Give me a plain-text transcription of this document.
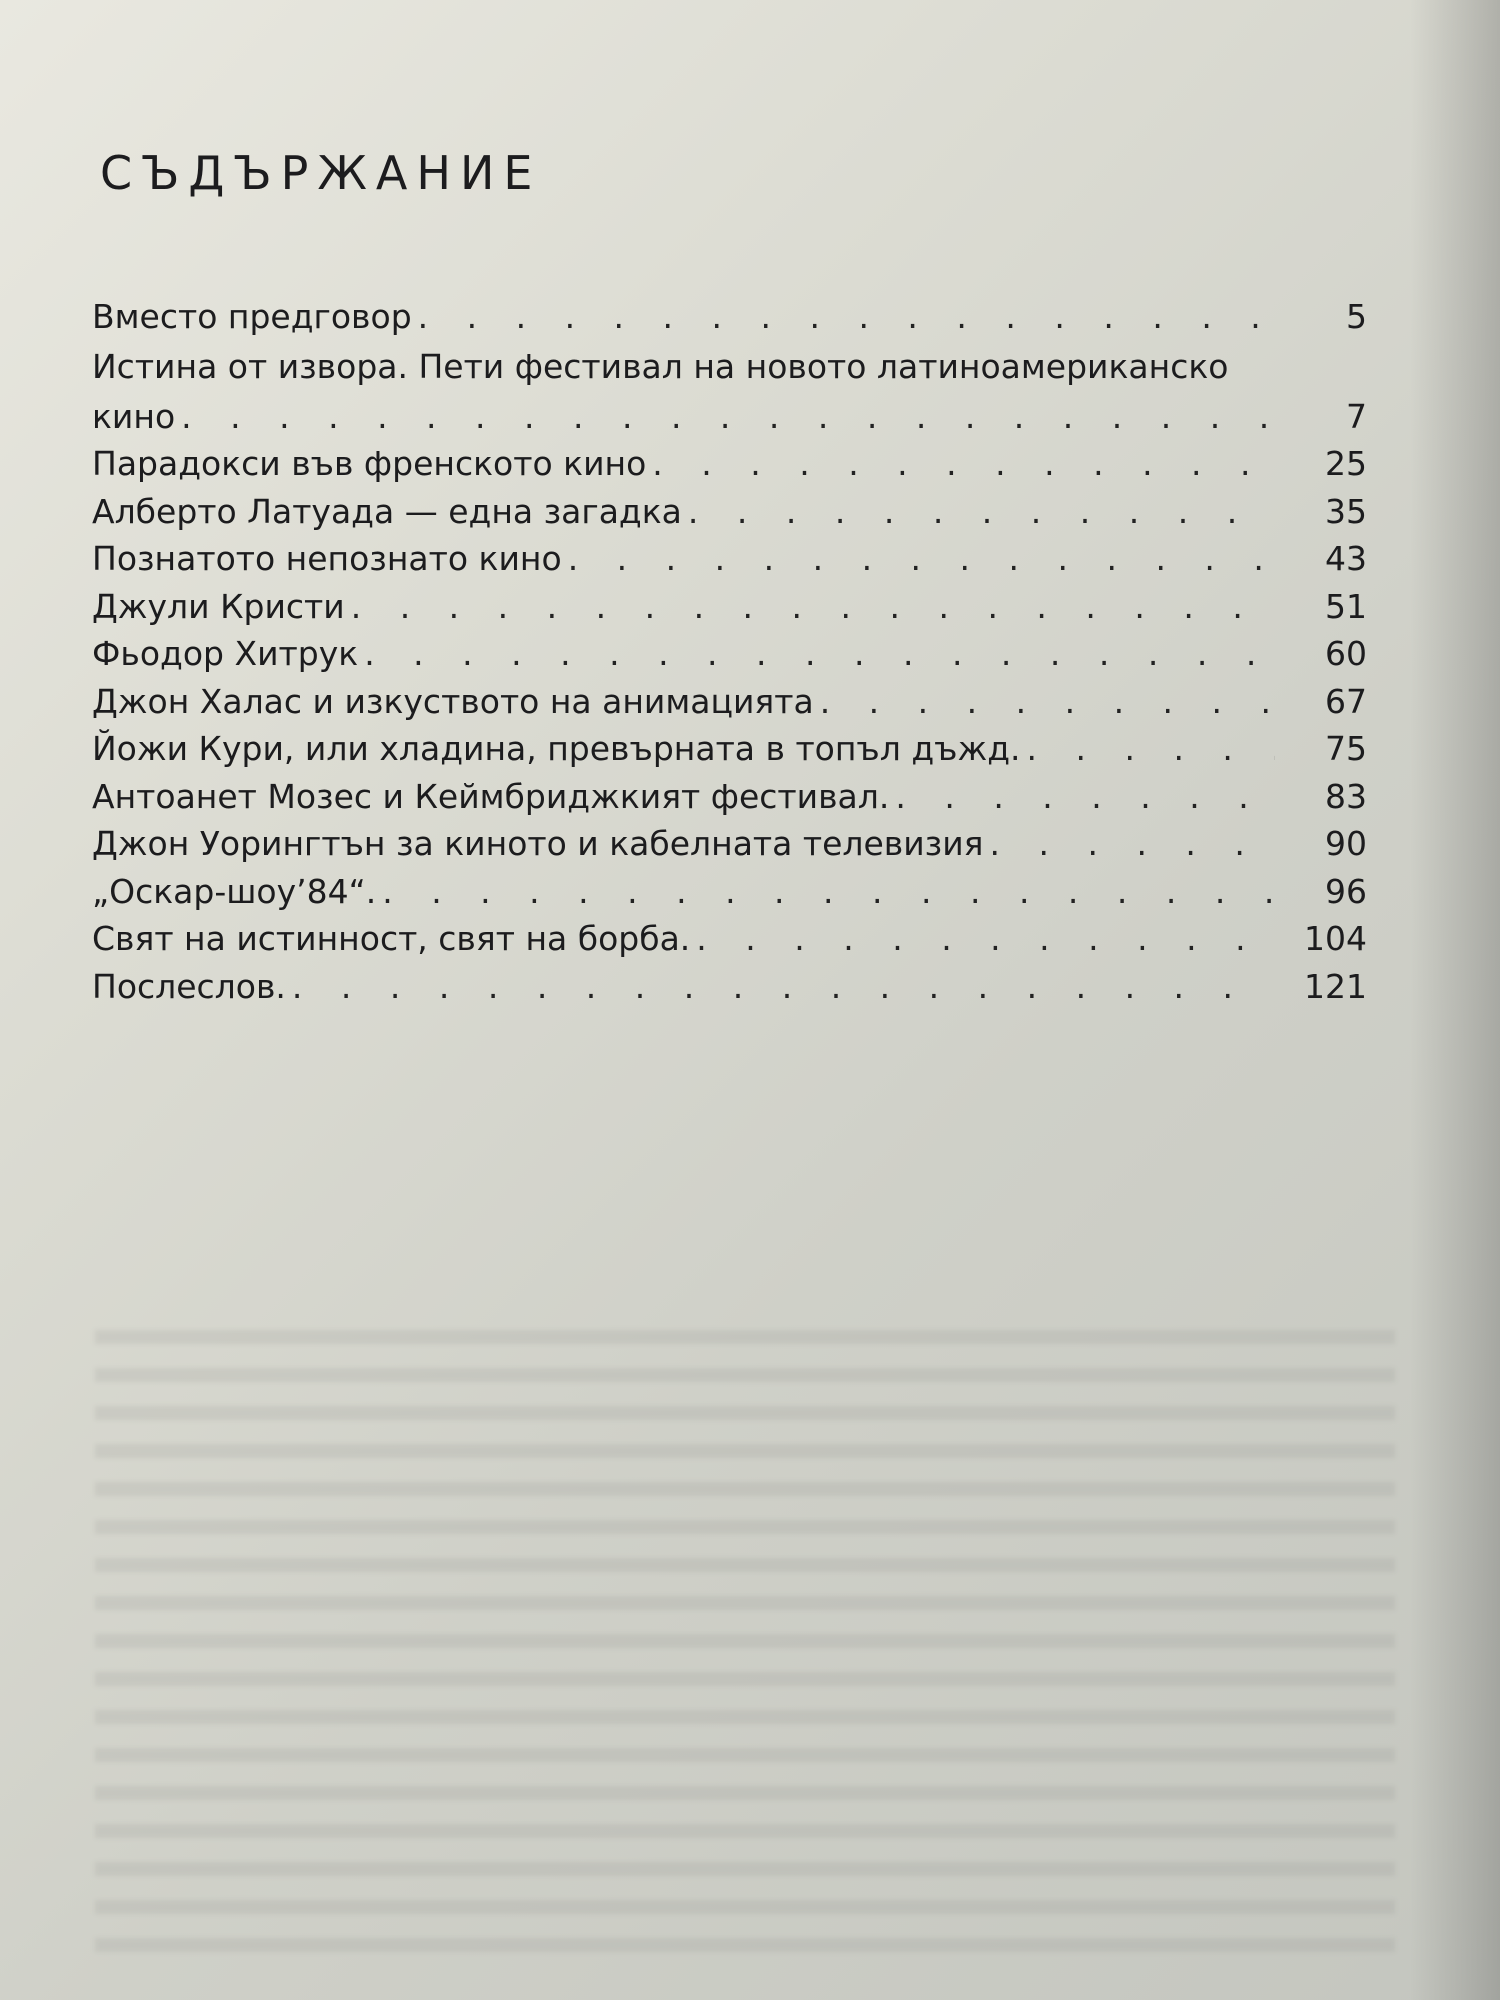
СЪДЪРЖАНИЕ
Вместо предговор . . .	5
Истина от извора. Пети фестивал на новото латиноамериканско
кино . . .	7
Парадокси във френското кино . . .	25
Алберто Латуада — една загадка . . .	35
Познатото непознато кино . . .	43
Джули Кристи . . .	51
Фьодор Хитрук . . .	60
Джон Халас и изкуството на анимацията . . .	67
Йожи Кури, или хладина, превърната в топъл дъжд. . . .	75
Антоанет Мозес и Кеймбриджкият фестивал. . . .	83
Джон Уорингтън за киното и кабелната телевизия . . .	90
„Оскар-шоу’84“. . . .	96
Свят на истинност, свят на борба. . . .	104
Послеслов. . . .	121
